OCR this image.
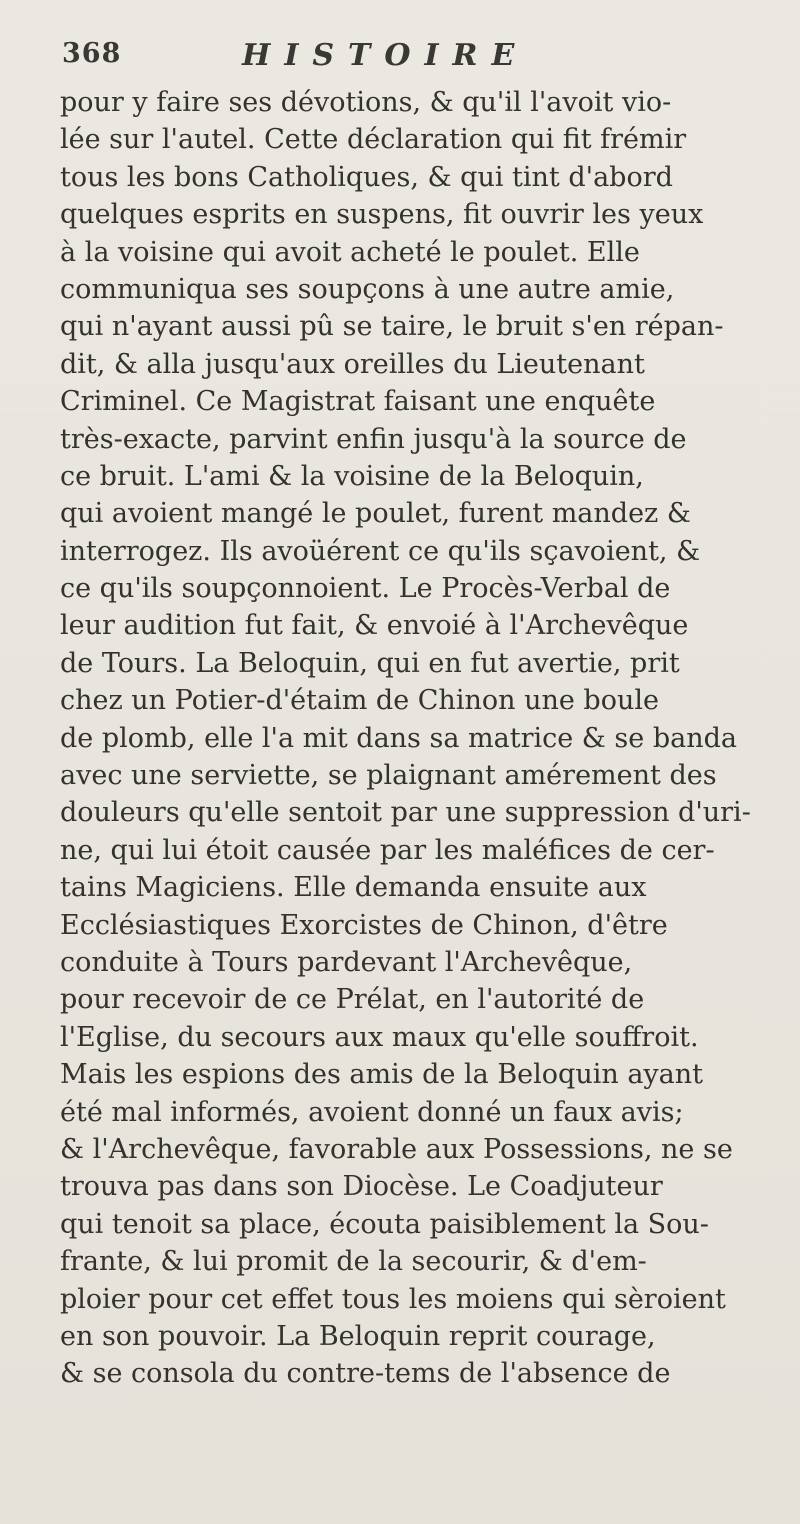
368	HISTOIRE
pour y faire ses dévotions, & qu'il l'avoit vio-
lée sur l'autel. Cette déclaration qui fit frémir
tous les bons Catholiques, & qui tint d'abord
quelques esprits en suspens, fit ouvrir les yeux
à la voisine qui avoit acheté le poulet. Elle
communiqua ses soupçons à une autre amie,
qui n'ayant aussi pû se taire, le bruit s'en répan-
dit, & alla jusqu'aux oreilles du Lieutenant
Criminel. Ce Magistrat faisant une enquête
très-exacte, parvint enfin jusqu'à la source de
ce bruit. L'ami & la voisine de la Beloquin,
qui avoient mangé le poulet, furent mandez &
interrogez. Ils avoüérent ce qu'ils sçavoient, &
ce qu'ils soupçonnoient. Le Procès-Verbal de
leur audition fut fait, & envoié à l'Archevêque
de Tours. La Beloquin, qui en fut avertie, prit
chez un Potier-d'étaim de Chinon une boule
de plomb, elle l'a mit dans sa matrice & se banda
avec une serviette, se plaignant amérement des
douleurs qu'elle sentoit par une suppression d'uri-
ne, qui lui étoit causée par les maléfices de cer-
tains Magiciens. Elle demanda ensuite aux
Ecclésiastiques Exorcistes de Chinon, d'être
conduite à Tours pardevant l'Archevêque,
pour recevoir de ce Prélat, en l'autorité de
l'Eglise, du secours aux maux qu'elle souffroit.
Mais les espions des amis de la Beloquin ayant
été mal informés, avoient donné un faux avis;
& l'Archevêque, favorable aux Possessions, ne se
trouva pas dans son Diocèse. Le Coadjuteur
qui tenoit sa place, écouta paisiblement la Sou-
frante, & lui promit de la secourir, & d'em-
ploier pour cet effet tous les moiens qui sèroient
en son pouvoir. La Beloquin reprit courage,
& se consola du contre-tems de l'absence de
